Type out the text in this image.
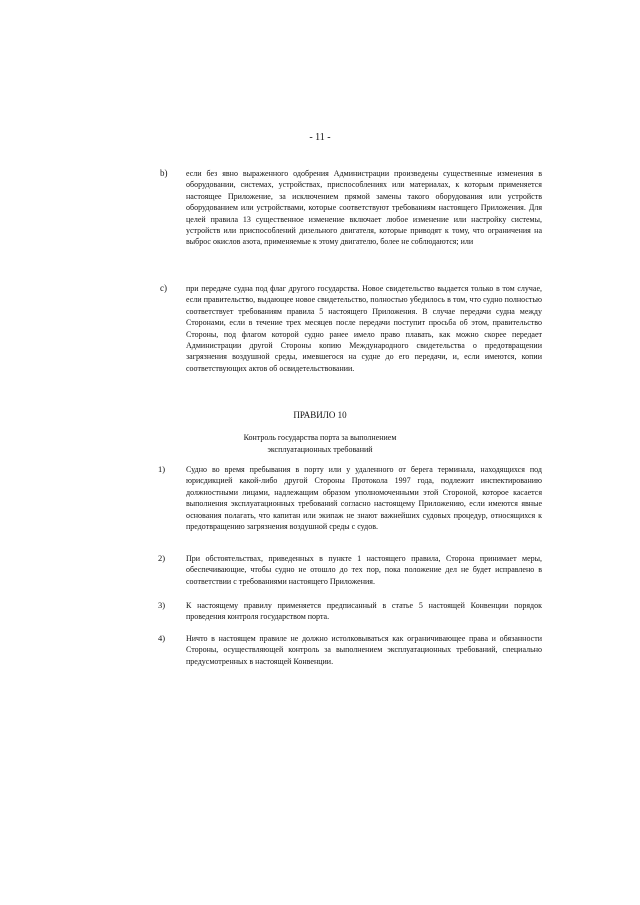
- 11 -
b) если без явно выраженного одобрения Администрации произведены существенные изменения в оборудовании, системах, устройствах, приспособлениях или материалах, к которым применяется настоящее Приложение, за исключением прямой замены такого оборудования или устройств оборудованием или устройствами, которые соответствуют требованиям настоящего Приложения. Для целей правила 13 существенное изменение включает любое изменение или настройку системы, устройств или приспособлений дизельного двигателя, которые приводят к тому, что ограничения на выброс окислов азота, применяемые к этому двигателю, более не соблюдаются; или
c) при передаче судна под флаг другого государства. Новое свидетельство выдается только в том случае, если правительство, выдающее новое свидетельство, полностью убедилось в том, что судно полностью соответствует требованиям правила 5 настоящего Приложения. В случае передачи судна между Сторонами, если в течение трех месяцев после передачи поступит просьба об этом, правительство Стороны, под флагом которой судно ранее имело право плавать, как можно скорее передает Администрации другой Стороны копию Международного свидетельства о предотвращении загрязнения воздушной среды, имевшегося на судне до его передачи, и, если имеются, копии соответствующих актов об освидетельствовании.
ПРАВИЛО 10
Контроль государства порта за выполнением
эксплуатационных требований
1)	Судно во время пребывания в порту или у удаленного от берега терминала, находящихся под юрисдикцией какой-либо другой Стороны Протокола 1997 года, подлежит инспектированию должностными лицами, надлежащим образом уполномоченными этой Стороной, которое касается выполнения эксплуатационных требований согласно настоящему Приложению, если имеются явные основания полагать, что капитан или экипаж не знают важнейших судовых процедур, относящихся к предотвращению загрязнения воздушной среды с судов.
2)	При обстоятельствах, приведенных в пункте 1 настоящего правила, Сторона принимает меры, обеспечивающие, чтобы судно не отошло до тех пор, пока положение дел не будет исправлено в соответствии с требованиями настоящего Приложения.
3)	К настоящему правилу применяется предписанный в статье 5 настоящей Конвенции порядок проведения контроля государством порта.
4)	Ничто в настоящем правиле не должно истолковываться как ограничивающее права и обязанности Стороны, осуществляющей контроль за выполнением эксплуатационных требований, специально предусмотренных в настоящей Конвенции.
